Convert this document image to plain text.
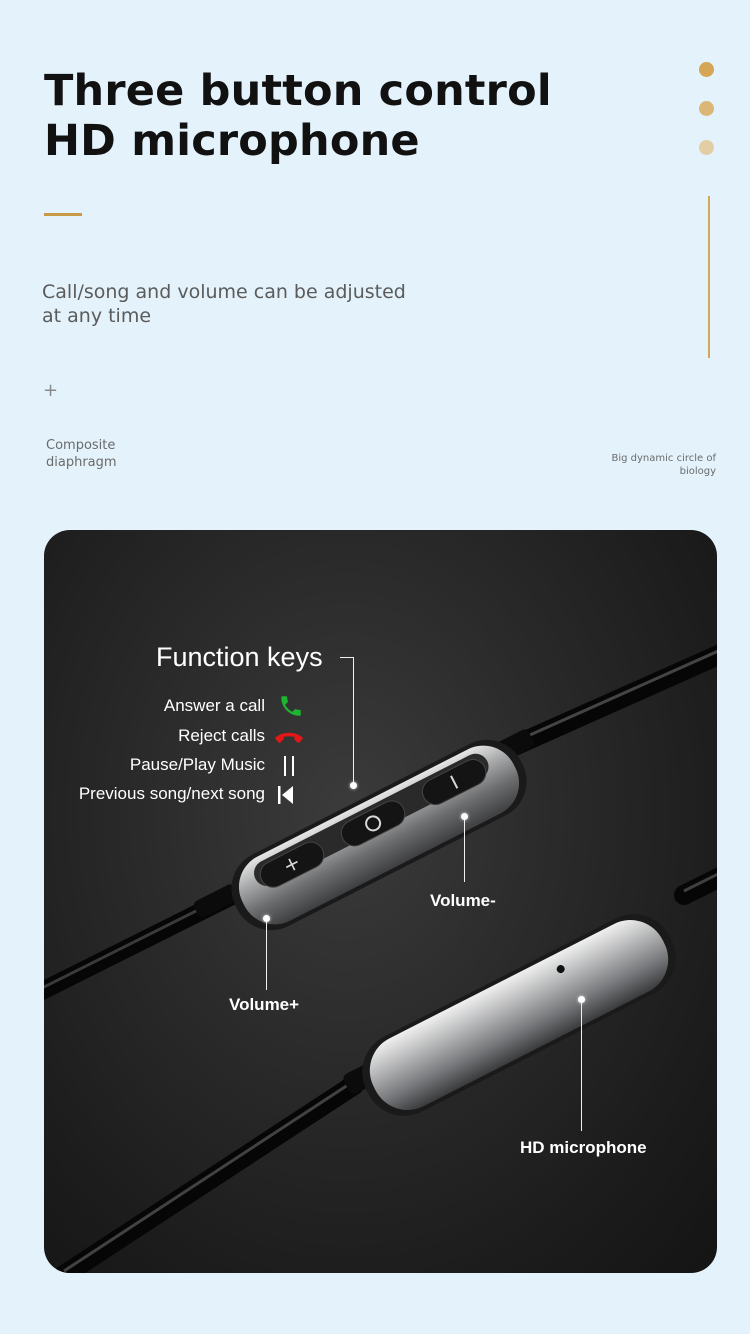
Three button control
HD microphone

Call/song and volume can be adjusted at any time

+
Composite diaphragm	Big dynamic circle of biology
+
Function keys
Answer a call
Reject calls
Pause/Play Music
Previous song/next song
Volume-
Volume+
HD microphone
